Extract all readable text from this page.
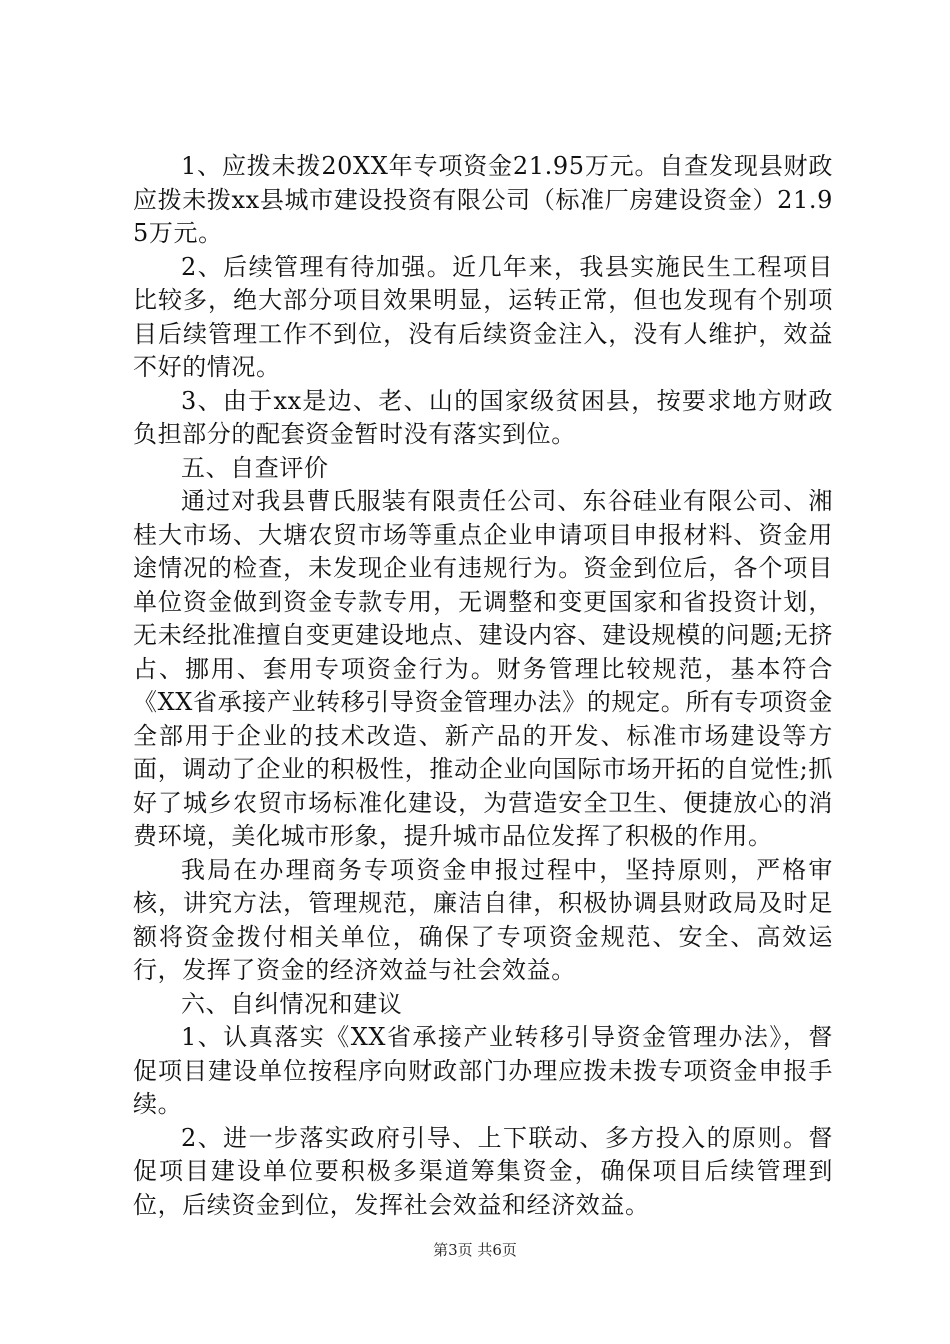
1、应拨未拨20XX年专项资金21.95万元。自查发现县财政应拨未拨xx县城市建设投资有限公司（标准厂房建设资金）21.95万元。

2、后续管理有待加强。近几年来，我县实施民生工程项目比较多，绝大部分项目效果明显，运转正常，但也发现有个别项目后续管理工作不到位，没有后续资金注入，没有人维护，效益不好的情况。

3、由于xx是边、老、山的国家级贫困县，按要求地方财政负担部分的配套资金暂时没有落实到位。

五、自查评价

通过对我县曹氏服装有限责任公司、东谷硅业有限公司、湘桂大市场、大塘农贸市场等重点企业申请项目申报材料、资金用途情况的检查，未发现企业有违规行为。资金到位后，各个项目单位资金做到资金专款专用，无调整和变更国家和省投资计划，无未经批准擅自变更建设地点、建设内容、建设规模的问题;无挤占、挪用、套用专项资金行为。财务管理比较规范，基本符合《XX省承接产业转移引导资金管理办法》的规定。所有专项资金全部用于企业的技术改造、新产品的开发、标准市场建设等方面，调动了企业的积极性，推动企业向国际市场开拓的自觉性;抓好了城乡农贸市场标准化建设，为营造安全卫生、便捷放心的消费环境，美化城市形象，提升城市品位发挥了积极的作用。

我局在办理商务专项资金申报过程中，坚持原则，严格审核，讲究方法，管理规范，廉洁自律，积极协调县财政局及时足额将资金拨付相关单位，确保了专项资金规范、安全、高效运行，发挥了资金的经济效益与社会效益。

六、自纠情况和建议

1、认真落实《XX省承接产业转移引导资金管理办法》，督促项目建设单位按程序向财政部门办理应拨未拨专项资金申报手续。

2、进一步落实政府引导、上下联动、多方投入的原则。督促项目建设单位要积极多渠道筹集资金，确保项目后续管理到位，后续资金到位，发挥社会效益和经济效益。

第3页 共6页
